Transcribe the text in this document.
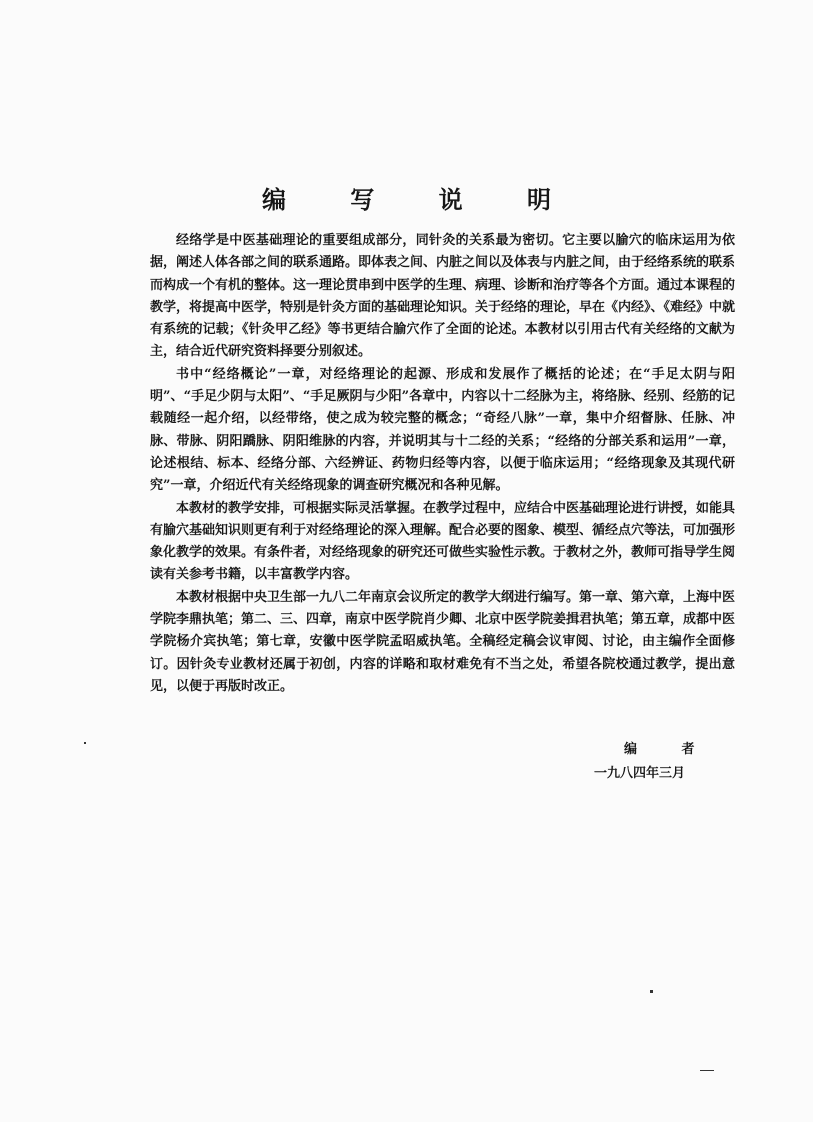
编 写 说 明

经络学是中医基础理论的重要组成部分，同针灸的关系最为密切。它主要以腧穴的临床运用为依据，阐述人体各部之间的联系通路。即体表之间、内脏之间以及体表与内脏之间，由于经络系统的联系而构成一个有机的整体。这一理论贯串到中医学的生理、病理、诊断和治疗等各个方面。通过本课程的教学，将提高中医学，特别是针灸方面的基础理论知识。关于经络的理论，早在《内经》、《难经》中就有系统的记载；《针灸甲乙经》等书更结合腧穴作了全面的论述。本教材以引用古代有关经络的文献为主，结合近代研究资料择要分别叙述。

书中“经络概论”一章，对经络理论的起源、形成和发展作了概括的论述；在“手足太阴与阳明”、“手足少阴与太阳”、“手足厥阴与少阳”各章中，内容以十二经脉为主，将络脉、经别、经筋的记载随经一起介绍，以经带络，使之成为较完整的概念；“奇经八脉”一章，集中介绍督脉、任脉、冲脉、带脉、阴阳蹻脉、阴阳维脉的内容，并说明其与十二经的关系；“经络的分部关系和运用”一章，论述根结、标本、经络分部、六经辨证、药物归经等内容，以便于临床运用；“经络现象及其现代研究”一章，介绍近代有关经络现象的调查研究概况和各种见解。

本教材的教学安排，可根据实际灵活掌握。在教学过程中，应结合中医基础理论进行讲授，如能具有腧穴基础知识则更有利于对经络理论的深入理解。配合必要的图象、模型、循经点穴等法，可加强形象化教学的效果。有条件者，对经络现象的研究还可做些实验性示教。于教材之外，教师可指导学生阅读有关参考书籍，以丰富教学内容。

本教材根据中央卫生部一九八二年南京会议所定的教学大纲进行编写。第一章、第六章，上海中医学院李鼎执笔；第二、三、四章，南京中医学院肖少卿、北京中医学院姜揖君执笔；第五章，成都中医学院杨介宾执笔；第七章，安徽中医学院孟昭威执笔。全稿经定稿会议审阅、讨论，由主编作全面修订。因针灸专业教材还属于初创，内容的详略和取材难免有不当之处，希望各院校通过教学，提出意见，以便于再版时改正。

编 者
一九八四年三月
